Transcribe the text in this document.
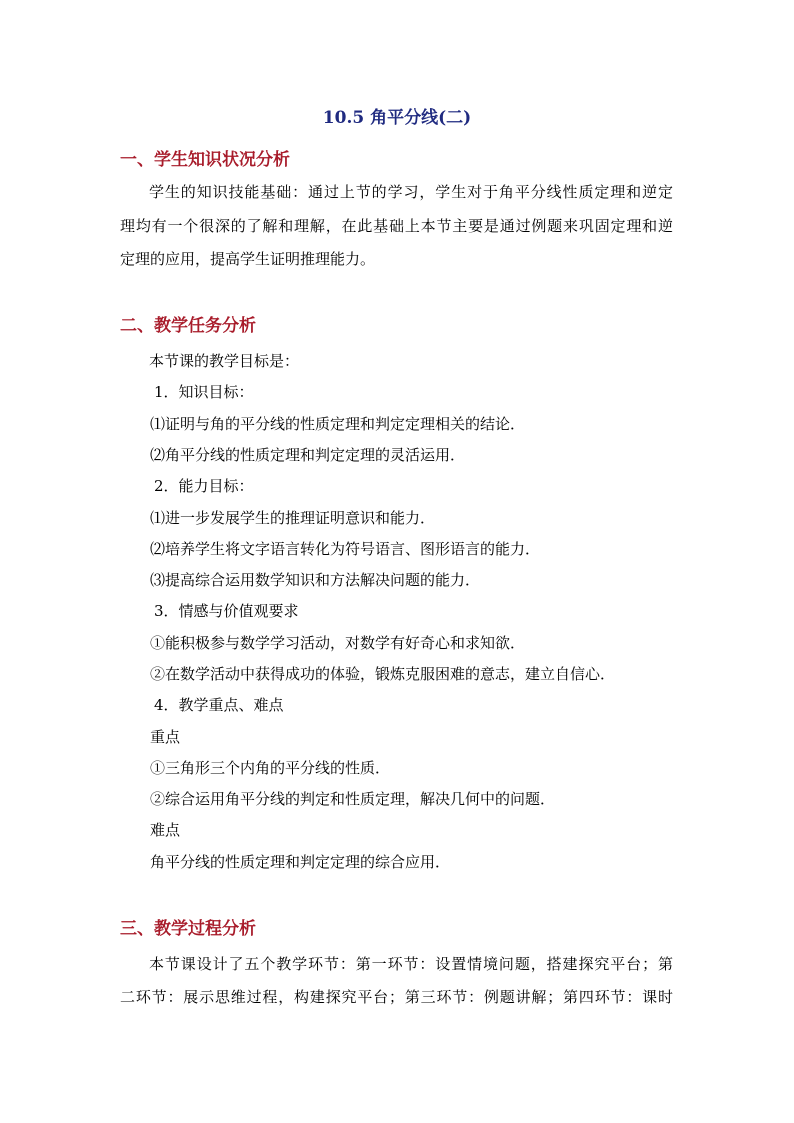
10.5 角平分线(二)
一、学生知识状况分析
学生的知识技能基础：通过上节的学习，学生对于角平分线性质定理和逆定
理均有一个很深的了解和理解，在此基础上本节主要是通过例题来巩固定理和逆
定理的应用，提高学生证明推理能力。
二、教学任务分析
本节课的教学目标是：
1．知识目标：
⑴证明与角的平分线的性质定理和判定定理相关的结论．
⑵角平分线的性质定理和判定定理的灵活运用．
2．能力目标：
⑴进一步发展学生的推理证明意识和能力．
⑵培养学生将文字语言转化为符号语言、图形语言的能力．
⑶提高综合运用数学知识和方法解决问题的能力．
3．情感与价值观要求
①能积极参与数学学习活动，对数学有好奇心和求知欲．
②在数学活动中获得成功的体验，锻炼克服困难的意志，建立自信心．
4．教学重点、难点
重点
①三角形三个内角的平分线的性质．
②综合运用角平分线的判定和性质定理，解决几何中的问题．
难点
角平分线的性质定理和判定定理的综合应用．
三、教学过程分析
本节课设计了五个教学环节：第一环节：设置情境问题，搭建探究平台；第
二环节：展示思维过程，构建探究平台；第三环节：例题讲解；第四环节：课时
